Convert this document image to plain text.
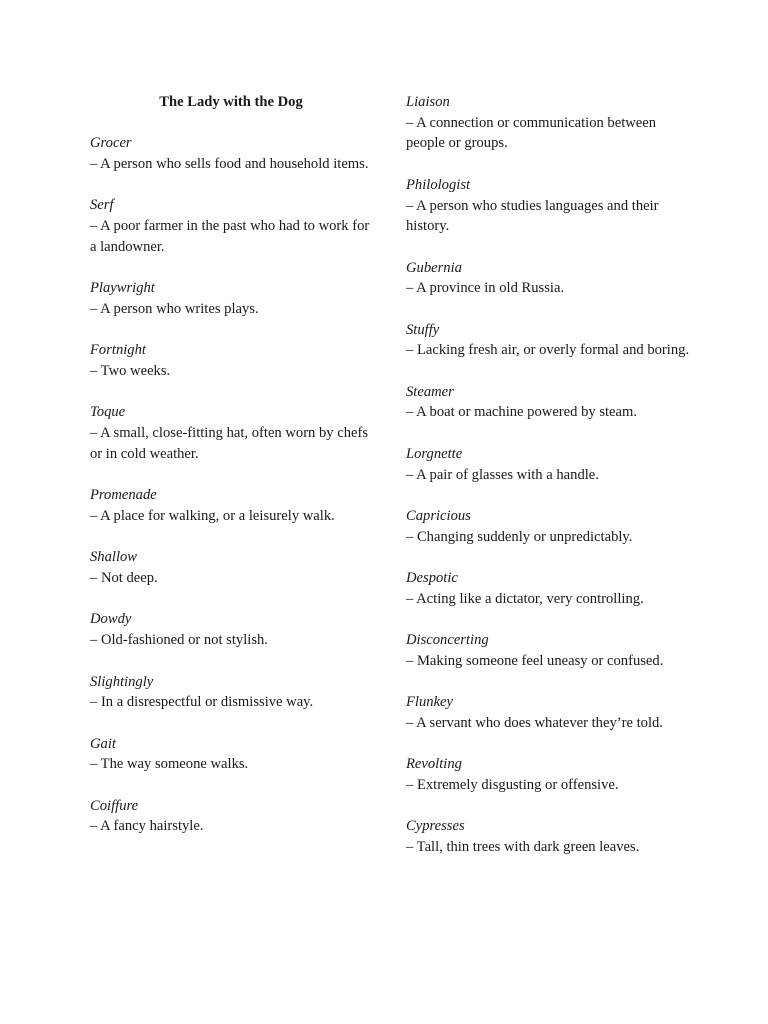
The Lady with the Dog
Grocer
– A person who sells food and household items.
Serf
– A poor farmer in the past who had to work for a landowner.
Playwright
– A person who writes plays.
Fortnight
– Two weeks.
Toque
– A small, close-fitting hat, often worn by chefs or in cold weather.
Promenade
– A place for walking, or a leisurely walk.
Shallow
– Not deep.
Dowdy
– Old-fashioned or not stylish.
Slightingly
– In a disrespectful or dismissive way.
Gait
– The way someone walks.
Coiffure
– A fancy hairstyle.
Liaison
– A connection or communication between people or groups.
Philologist
– A person who studies languages and their history.
Gubernia
– A province in old Russia.
Stuffy
– Lacking fresh air, or overly formal and boring.
Steamer
– A boat or machine powered by steam.
Lorgnette
– A pair of glasses with a handle.
Capricious
– Changing suddenly or unpredictably.
Despotic
– Acting like a dictator, very controlling.
Disconcerting
– Making someone feel uneasy or confused.
Flunkey
– A servant who does whatever they’re told.
Revolting
– Extremely disgusting or offensive.
Cypresses
– Tall, thin trees with dark green leaves.
